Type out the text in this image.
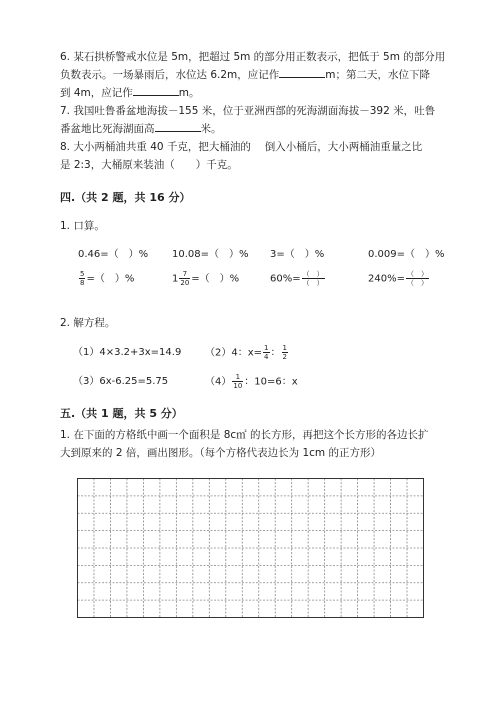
6. 某石拱桥警戒水位是 5m，把超过 5m 的部分用正数表示，把低于 5m 的部分用
负数表示。一场暴雨后，水位达 6.2m，应记作	m；第二天，水位下降
到 4m，应记作	m。
7. 我国吐鲁番盆地海拔－155 米，位于亚洲西部的死海湖面海拔－392 米，吐鲁
番盆地比死海湖面高	米。
8. 大小两桶油共重 40 千克，把大桶油的　 倒入小桶后，大小两桶油重量之比
是 2:3，大桶原来装油（　　）千克。
四.（共 2 题，共 16 分）
1. 口算。
0.46=（　）% 10.08=（　）% 3=（　）%	0.009=（　）%
$\frac{5}{8}$ =（　）%	$1 \frac{7}{20}$ =（　）%	$60\%= \frac{( )}{( )}$	$240\%= \frac{( )}{( )}$
2. 解方程。
（1）4×3.2+3x=14.9 （2）4：$x= \frac{1}{4}$ ： $\frac{1}{2}$
（3）6x-6.25=5.75	$(4) \frac{1}{10}$ ：10=6：x
五.（共 1 题，共 5 分）
1. 在下面的方格纸中画一个面积是 8c㎡ 的长方形，再把这个长方形的各边长扩
大到原来的 2 倍，画出图形。（每个方格代表边长为 1cm 的正方形）
